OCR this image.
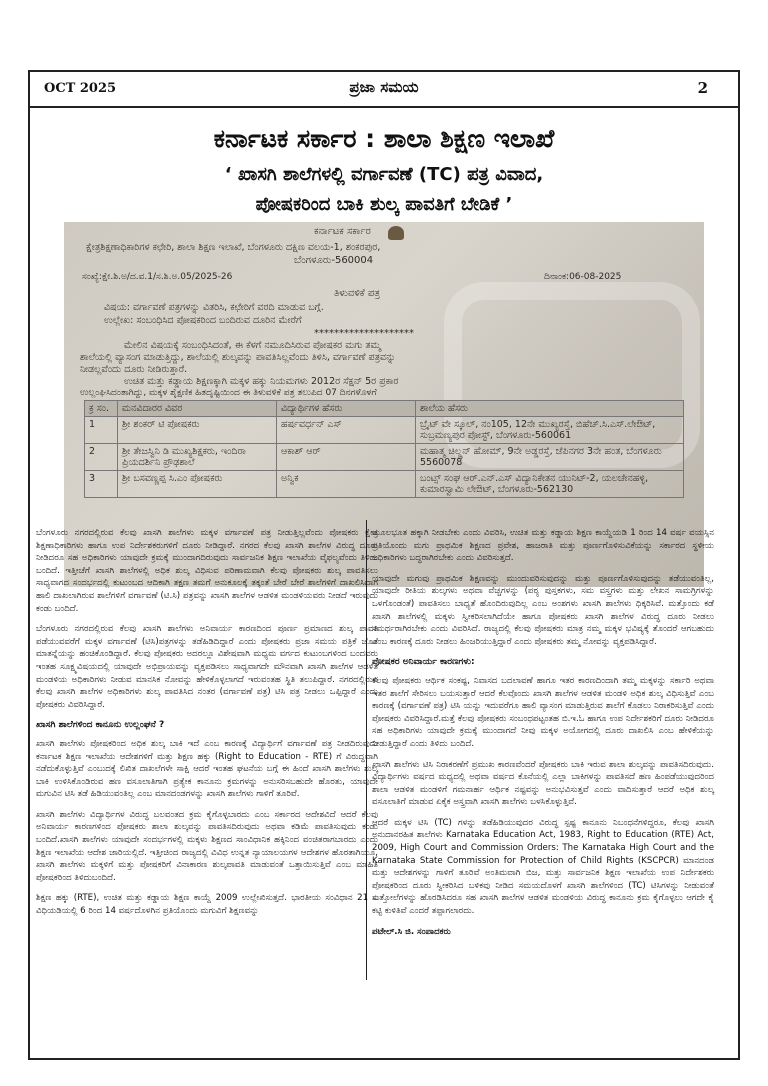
OCT 2025	ಪ್ರಜಾ ಸಮಯ	2
ಕರ್ನಾಟಕ ಸರ್ಕಾರ : ಶಾಲಾ ಶಿಕ್ಷಣ ಇಲಾಖೆ
‘ ಖಾಸಗಿ ಶಾಲೆಗಳಲ್ಲಿ ವರ್ಗಾವಣೆ (TC) ಪತ್ರ ವಿವಾದ,
ಪೋಷಕರಿಂದ ಬಾಕಿ ಶುಲ್ಕ ಪಾವತಿಗೆ ಬೇಡಿಕೆ ’
ಕರ್ನಾಟಕ ಸರ್ಕಾರ
ಕ್ಷೇತ್ರಶಿಕ್ಷಣಾಧಿಕಾರಿಗಳ ಕಛೇರಿ, ಶಾಲಾ ಶಿಕ್ಷಣ ಇಲಾಖೆ, ಬೆಂಗಳೂರು ದಕ್ಷಿಣ ವಲಯ-1, ಶಂಕರಪುರ,
ಬೆಂಗಳೂರು-560004
ಸಂಖ್ಯೆ:ಕ್ಷೇ.ಶಿ.ಅ/ದ.ವ.1/ಸ.ಶಿ.ಅ.05/2025-26	ದಿನಾಂಕ:06-08-2025
ತಿಳುವಳಿಕೆ ಪತ್ರ
ವಿಷಯ: ವರ್ಗಾವಣೆ ಪತ್ರಗಳನ್ನು ವಿತರಿಸಿ, ಕಛೇರಿಗೆ ವರದಿ ಮಾಡುವ ಬಗ್ಗೆ.
ಉಲ್ಲೇಖ: ಸಂಬಂಧಿಸಿದ ಪೋಷಕರಿಂದ ಬಂದಿರುವ ದೂರಿನ ಮೇರೆಗೆ
********************
ಮೇಲಿನ ವಿಷಯಕ್ಕೆ ಸಂಬಂಧಿಸಿದಂತೆ, ಈ ಕೆಳಗೆ ನಮೂದಿಸಿರುವ ಪೋಷಕರ ಮಗು ತಮ್ಮ
ಶಾಲೆಯಲ್ಲಿ ವ್ಯಾಸಂಗ ಮಾಡುತ್ತಿದ್ದು, ಶಾಲೆಯಲ್ಲಿ ಶುಲ್ಕವನ್ನು ಪಾವತಿಸಿಲ್ಲವೆಂದು ತಿಳಿಸಿ, ವರ್ಗಾವಣೆ ಪತ್ರವನ್ನು
ನೀಡಲ್ಲವೆಂದು ದೂರು ನೀಡಿರುತ್ತಾರೆ.
ಉಚಿತ ಮತ್ತು ಕಡ್ಡಾಯ ಶಿಕ್ಷಣಕ್ಕಾಗಿ ಮಕ್ಕಳ ಹಕ್ಕು ನಿಯಮಗಳು 2012ರ ಸೆಕ್ಷನ್ 5ರ ಪ್ರಕಾರ
ಉಲ್ಲಂಘಿಸಿದಂತಾಗಿದ್ದು, ಮಕ್ಕಳ ಶೈಕ್ಷಣಿಕ ಹಿತದೃಷ್ಟಿಯಿಂದ ಈ ತಿಳುವಳಿಕೆ ಪತ್ರ ತಲುಪಿದ 07 ದಿನಗಳೊಳಗೆ
ಕ್ರ ಸಂ.	ಮನವಿದಾರರ ವಿವರ	ವಿದ್ಯಾರ್ಥಿಗಳ ಹೆಸರು	ಶಾಲೆಯ ಹೆಸರು
1	ಶ್ರೀ ಶಂಕರ್ ಟಿ ಪೋಷಕರು	ಹರ್ಷವರ್ಧನ್ ಎಸ್	ಬ್ರೈಟ್ ವೇ ಸ್ಕೂಲ್, ನಂ105, 12ನೇ ಮುಖ್ಯರಸ್ತೆ, ಬಿಹೆಚ್.ಸಿ.ಎಸ್.ಲೇಔಟ್, ಸುಬ್ರಮಣ್ಯಪುರ ಪೋಸ್ಟ್, ಬೆಂಗಳೂರು-560061
2	ಶ್ರೀ ತೇಜಸ್ವಿನಿ ಡಿ ಮುಖ್ಯಶಿಕ್ಷಕರು, ಇಂದಿರಾ ಪ್ರಿಯದರ್ಶಿನಿ ಪ್ರೌಢಶಾಲೆ	ಆಕಾಶ್ ಆರ್	ಮಹಾತ್ಮ ಚಿಲ್ಡ್ರನ್ ಹೋಮ್, 9ನೇ ಅಡ್ಡರಸ್ತೆ, ಜೆಪಿನಗರ 3ನೇ ಹಂತ, ಬೆಂಗಳೂರು 5560078
3	ಶ್ರೀ ಬಸವಣ್ಣಪ್ಪ ಸಿ.ಎಂ ಪೋಷಕರು	ಅನ್ವಿಕ	ಬಂಟ್ಸ್ ಸಂಘ ಆರ್.ಎನ್.ಎಸ್ ವಿದ್ಯಾನಿಕೇತನ ಯುನಿಟ್-2, ಯಲಚೇನಹಳ್ಳಿ, ಕುಮಾರಸ್ವಾಮಿ ಲೇಔಟ್, ಬೆಂಗಳೂರು-562130

ಬೆಂಗಳೂರು ನಗರದಲ್ಲಿರುವ ಕೆಲವು ಖಾಸಗಿ ಶಾಲೆಗಳು ಮಕ್ಕಳ ವರ್ಗಾವಣೆ ಪತ್ರ ನೀಡುತ್ತಿಲ್ಲವೆಂದು ಪೋಷಕರು ಕ್ಷೇತ್ರ ಶಿಕ್ಷಣಾಧಿಕಾರಿಗಳು ಹಾಗೂ ಉಪ ನಿರ್ದೇಶಕರುಗಳಿಗೆ ದೂರು ನೀಡಿದ್ದಾರೆ. ನಗರದ ಕೆಲವು ಖಾಸಗಿ ಶಾಲೆಗಳ ವಿರುದ್ಧ ದೂರು ನೀಡಿದರೂ ಸಹ ಅಧಿಕಾರಿಗಳು ಯಾವುದೇ ಕ್ರಮಕ್ಕೆ ಮುಂದಾಗದಿರುವುದು ಸಾರ್ವಜನಿಕ ಶಿಕ್ಷಣ ಇಲಾಖೆಯ ವೈಫಲ್ಯವೆಂದು ತಿಳಿದು ಬಂದಿದೆ. ಇತ್ತೀಚೆಗೆ ಖಾಸಗಿ ಶಾಲೆಗಳಲ್ಲಿ ಅಧಿಕ ಶುಲ್ಕ ವಿಧಿಸುವ ಪರಿಣಾಮವಾಗಿ ಕೆಲವು ಪೋಷಕರು ಶುಲ್ಕ ಪಾವತಿಸಲು ಸಾಧ್ಯವಾಗದ ಸಂದರ್ಭದಲ್ಲಿ ಕುಟುಂಬದ ಆದಿಕಾಗಿ ತಕ್ಷಣ ತಮಗೆ ಅನುಕೂಲಕ್ಕೆ ತಕ್ಕಂತೆ ಬೇರೆ ಬೇರೆ ಶಾಲೆಗಳಿಗೆ ದಾಖಲಿಸಿದಾಗ ಹಾಲಿ ದಾಖಲಾಗಿರುವ ಶಾಲೆಗಳಿಗೆ ವರ್ಗಾವಣೆ (ಟಿ.ಸಿ) ಪತ್ರವನ್ನು ಖಾಸಗಿ ಶಾಲೆಗಳ ಆಡಳಿತ ಮಂಡಳಿಯವರು ನೀಡದೆ ಇರುವುದು ಕಂಡು ಬಂದಿದೆ.

ಬೆಂಗಳೂರು ನಗರದಲ್ಲಿರುವ ಕೆಲವು ಖಾಸಗಿ ಶಾಲೆಗಳು ಅನಿವಾರ್ಯ ಕಾರಣದಿಂದ ಪೂರ್ಣ ಪ್ರಮಾಣದ ಶುಲ್ಕ ಪಾವತಿ ಪಡೆಯುವವರೆಗೆ ಮಕ್ಕಳ ವರ್ಗಾವಣೆ (ಟಿಸಿ)ಪತ್ರಗಳನ್ನು ತಡೆಹಿಡಿದಿದ್ದಾರೆ ಎಂದು ಪೋಷಕರು ಪ್ರಜಾ ಸಮಯ ಪತ್ರಿಕೆ ಜೊತೆ ಮಾತನ್ನೆಯನ್ನು ಹಂಚಿಕೊಂಡಿದ್ದಾರೆ. ಕೆಲವು ಪೋಷಕರು ಅದರಲ್ಲೂ ವಿಶೇಷವಾಗಿ ಮಧ್ಯಮ ವರ್ಗದ ಕುಟುಂಬಗಳಿಂದ ಬಂದವರು ಇಂತಹ ಸೂಕ್ಷ್ಮವಿಷಯದಲ್ಲಿ ಯಾವುದೇ ಅಭಿಪ್ರಾಯವನ್ನು ವ್ಯಕ್ತಪಡಿಸಲು ಸಾಧ್ಯವಾಗದೇ ಮೌನವಾಗಿ ಖಾಸಗಿ ಶಾಲೆಗಳ ಆಡಳಿತ ಮಂಡಳಿಯ ಅಧಿಕಾರಿಗಳು ನೀಡುವ ಮಾನಸಿಕ ನೋವನ್ನು ಹೇಳಿಕೊಳ್ಳಲಾಗದೆ ಇರುವಂತಹ ಸ್ಥಿತಿ ತಲುಪಿದ್ದಾರೆ. ನಗರದಲ್ಲಿರುವ ಕೆಲವು ಖಾಸಗಿ ಶಾಲೆಗಳ ಅಧಿಕಾರಿಗಳು ಶುಲ್ಕ ಪಾವತಿಸಿದ ನಂತರ (ವರ್ಗಾವಣೆ ಪತ್ರ) ಟಿಸಿ ಪತ್ರ ನೀಡಲು ಒಪ್ಪಿದ್ದಾರೆ ಎಂದು ಪೋಷಕರು ವಿವರಿಸಿದ್ದಾರೆ.

ಖಾಸಗಿ ಶಾಲೆಗಳಿಂದ ಕಾನೂನು ಉಲ್ಲಂಘನೆ ?

ಖಾಸಗಿ ಶಾಲೆಗಳು ಪೋಷಕರಿಂದ ಅಧಿಕ ಶುಲ್ಕ ಬಾಕಿ ಇದೆ ಎಂಬ ಕಾರಣಕ್ಕೆ ವಿದ್ಯಾರ್ಥಿಗೆ ವರ್ಗಾವಣೆ ಪತ್ರ ನೀಡದಿರುವುದು ಕರ್ನಾಟಕ ಶಿಕ್ಷಣ ಇಲಾಖೆಯ ಆದೇಶಗಳಿಗೆ ಮತ್ತು ಶಿಕ್ಷಣ ಹಕ್ಕು (Right to Education - RTE) ಗೆ ವಿರುದ್ಧವಾಗಿ ನಡೆದುಕೊಳ್ಳುತ್ತಿವೆ ಎಂಬುದಕ್ಕೆ ಲಿಖಿತ ದಾಖಲೆಗಳೇ ಸಾಕ್ಷಿ ಆದರೆ ಇಂತಹ ಘಟನೆಯ ಬಗ್ಗೆ ಈ ಹಿಂದೆ ಖಾಸಗಿ ಶಾಲೆಗಳು ಶುಲ್ಕ ಬಾಕಿ ಉಳಿಸಿಕೊಂಡಿರುವ ಹಣ ವಸೂಲಾತಿಗಾಗಿ ಪ್ರತ್ಯೇಕ ಕಾನೂನು ಕ್ರಮಗಳನ್ನು ಅನುಸರಿಸಬಹುದೇ ಹೊರತು, ಯಾವುದೇ ಮಗುವಿನ ಟಿಸಿ ತಡೆ ಹಿಡಿಯುವಂತಿಲ್ಲ ಎಂಬ ಮಾನದಂಡಗಳನ್ನು ಖಾಸಗಿ ಶಾಲೆಗಳು ಗಾಳಿಗೆ ತೂರಿವೆ.

ಖಾಸಗಿ ಶಾಲೆಗಳು ವಿದ್ಯಾರ್ಥಿಗಳ ವಿರುದ್ಧ ಬಲವಂತದ ಕ್ರಮ ಕೈಗೊಳ್ಳಬಾರದು ಎಂಬ ಸರ್ಕಾರದ ಆದೇಶವಿದೆ ಆದರೆ ಕೆಲವು ಅನಿವಾರ್ಯ ಕಾರಣಗಳಿಂದ ಪೋಷಕರು ಶಾಲಾ ಶುಲ್ಕವನ್ನು ಪಾವತಿಸದಿರುವುದು ಅಥವಾ ಕಡಿಮೆ ಪಾವತಿಸುವುದು ಕಂಡು ಬಂದಿದೆ.ಖಾಸಗಿ ಶಾಲೆಗಳು ಯಾವುದೇ ಸಂದರ್ಭಗಳಲ್ಲಿ ಮಕ್ಕಳು ಶಿಕ್ಷಣದ ಸಾಂವಿಧಾನಿಕ ಹಕ್ಕಿನಿಂದ ವಂಚಿತರಾಗಬಾರದು ಎಂದು ಶಿಕ್ಷಣ ಇಲಾಖೆಯ ಆದೇಶ ಜಾರಿಯಲ್ಲಿದೆ. ಇತ್ತೀಚಿಂದ ರಾಜ್ಯದಲ್ಲಿ ವಿವಿಧ ಉನ್ನತ ನ್ಯಾಯಾಲಯಗಳ ಆದೇಶಗಳ ಹೊರತಾಗಿಯೂ, ಖಾಸಗಿ ಶಾಲೆಗಳು ಮಕ್ಕಳಿಗೆ ಮತ್ತು ಪೋಷಕರಿಗೆ ವಿನಾಕಾರಣ ಶುಲ್ಕಪಾವತಿ ಮಾಡುವಂತೆ ಒತ್ತಾಯಿಸುತ್ತಿವೆ ಎಂಬ ಮಾಹಿತಿ ಪೋಷಕರಿಂದ ತಿಳಿದುಬಂದಿದೆ.

ಶಿಕ್ಷಣ ಹಕ್ಕು (RTE), ಉಚಿತ ಮತ್ತು ಕಡ್ಡಾಯ ಶಿಕ್ಷಣ ಕಾಯ್ದೆ 2009 ಉಲ್ಲೇಖಿಸುತ್ತದೆ. ಭಾರತೀಯ ಸಂವಿಧಾನ 21 ಎ ವಿಧಿಯಡಿಯಲ್ಲಿ 6 ರಿಂದ 14 ವರ್ಷದೊಳಗಿನ ಪ್ರತಿಯೊಂದು ಮಗುವಿಗೆ ಶಿಕ್ಷಣವನ್ನು

ಮೂಲಭೂತ ಹಕ್ಕಾಗಿ ನೀಡಬೇಕು ಎಂದು ವಿವರಿಸಿ, ಉಚಿತ ಮತ್ತು ಕಡ್ಡಾಯ ಶಿಕ್ಷಣ ಕಾಯ್ದೆಯಡಿ 1 ರಿಂದ 14 ವರ್ಷ ವಯಸ್ಸಿನ ಪ್ರತಿಯೊಂದು ಮಗು ಪ್ರಾಥಮಿಕ ಶಿಕ್ಷಣದ ಪ್ರವೇಶ, ಹಾಜರಾತಿ ಮತ್ತು ಪೂರ್ಣಗೊಳಿಸುವಿಕೆಯನ್ನು ಸರ್ಕಾರದ ಸ್ಥಳೀಯ ಅಧಿಕಾರಿಗಳು ಬದ್ಧರಾಗಿರಬೇಕು ಎಂದು ವಿವರಿಸುತ್ತದೆ.

ಯಾವುದೇ ಮಗುವು ಪ್ರಾಥಮಿಕ ಶಿಕ್ಷಣವನ್ನು ಮುಂದುವರಿಸುವುದನ್ನು ಮತ್ತು ಪೂರ್ಣಗೊಳಿಸುವುದನ್ನು ತಡೆಯುವಂತಿಲ್ಲ, ಯಾವುದೇ ರೀತಿಯ ಶುಲ್ಕಗಳು ಅಥವಾ ವೆಚ್ಚಗಳನ್ನು (ಪಠ್ಯ ಪುಸ್ತಕಗಳು, ಸಮ ವಸ್ತ್ರಗಳು ಮತ್ತು ಲೇಖನ ಸಾಮಗ್ರಿಗಳನ್ನು ಒಳಗೊಂಡಂತೆ) ಪಾವತಿಸಲು ಬಾಧ್ಯತೆ ಹೊಂದಿರುವುದಿಲ್ಲ ಎಂಬ ಅಂಶಗಳು ಖಾಸಗಿ ಶಾಲೆಗಳು ಧಿಕ್ಕರಿಸಿವೆ. ಮತ್ತೊಂದು ಕಡೆ ಖಾಸಗಿ ಶಾಲೆಗಳಲ್ಲಿ ಮಕ್ಕಳು ಸ್ವೀಕರಿಸಲಾಗಿದೆಯೇ ಹಾಗೂ ಪೋಷಕರು ಖಾಸಗಿ ಶಾಲೆಗಳ ವಿರುದ್ಧ ದೂರು ನೀಡಲು ಸಮರ್ಥರಾಗಿರಬೇಕು ಎಂದು ವಿವರಿಸಿದೆ. ರಾಜ್ಯದಲ್ಲಿ ಕೆಲವು ಪೋಷಕರು ಮಾತ್ರ ನಮ್ಮ ಮಕ್ಕಳ ಭವಿಷ್ಯಕ್ಕೆ ತೊಂದರೆ ಆಗಬಹುದು ಎಂಬ ಕಾರಣಕ್ಕೆ ದೂರು ನೀಡಲು ಹಿಂಜರಿಯುತ್ತಿದ್ದಾರೆ ಎಂದು ಪೋಷಕರು ತಮ್ಮ ನೋವನ್ನು ವ್ಯಕ್ತಪಡಿಸಿದ್ದಾರೆ.

ಪೋಷಕರ ಅನಿವಾರ್ಯ ಕಾರಣಗಳು:

ಕೆಲವು ಪೋಷಕರು ಆರ್ಥಿಕ ಸಂಕಷ್ಟ, ನಿವಾಸದ ಬದಲಾವಣೆ ಹಾಗೂ ಇತರ ಕಾರಣದಿಂದಾಗಿ ತಮ್ಮ ಮಕ್ಕಳನ್ನು ಸರ್ಕಾರಿ ಅಥವಾ ಇತರ ಶಾಲೆಗೆ ಸೇರಿಸಲು ಬಯಸುತ್ತಾರೆ ಆದರೆ ಕೆಲವೊಂದು ಖಾಸಗಿ ಶಾಲೆಗಳ ಆಡಳಿತ ಮಂಡಳಿ ಅಧಿಕ ಶುಲ್ಕ ವಿಧಿಸುತ್ತಿವೆ ಎಂಬ ಕಾರಣಕ್ಕೆ (ವರ್ಗಾವಣೆ ಪತ್ರ) ಟಿಸಿ ಯನ್ನು ಇದುವರೆಗೂ ಹಾಲಿ ವ್ಯಾಸಂಗ ಮಾಡುತ್ತಿರುವ ಶಾಲೆಗೆ ಕೊಡಲು ನಿರಾಕರಿಸುತ್ತಿವೆ ಎಂದು ಪೋಷಕರು ವಿವರಿಸಿದ್ದಾರೆ.ಮತ್ತೆ ಕೆಲವು ಪೋಷಕರು ಸಂಬಂಧಪಟ್ಟಂತಹ ಬಿ.ಇ.ಓ ಹಾಗೂ ಉಪ ನಿರ್ದೇಶಕರಿಗೆ ದೂರು ನೀಡಿದರೂ ಸಹ ಅಧಿಕಾರಿಗಳು ಯಾವುದೇ ಕ್ರಮಕ್ಕೆ ಮುಂದಾಗದೆ ನೀವು ಮಕ್ಕಳ ಅಯೋಗದಲ್ಲಿ ದೂರು ದಾಖಲಿಸಿ ಎಂಬ ಹೇಳಿಕೆಯನ್ನು ನೀಡುತ್ತಿದ್ದಾರೆ ಎಂದು ತಿಳಿದು ಬಂದಿದೆ.

ಖಾಸಗಿ ಶಾಲೆಗಳು ಟಿಸಿ ನಿರಾಕರಣೆಗೆ ಪ್ರಮುಖ ಕಾರಣವೆಂದರೆ ಪೋಷಕರು ಬಾಕಿ ಇರುವ ಶಾಲಾ ಶುಲ್ಕವನ್ನು ಪಾವತಿಸದಿರುವುದು. ವಿದ್ಯಾರ್ಥಿಗಳು ವರ್ಷದ ಮಧ್ಯದಲ್ಲಿ ಅಥವಾ ವರ್ಷದ ಕೊನೆಯಲ್ಲಿ ಎಲ್ಲಾ ಬಾಕಿಗಳನ್ನು ಪಾವತಿಸದೆ ಹಣ ಹಿಂಪಡೆಯುವುದರಿಂದ ಶಾಲಾ ಆಡಳಿತ ಮಂಡಳಿಗೆ ಗಮನಾರ್ಹ ಆರ್ಥಿಕ ನಷ್ಟವನ್ನು ಅನುಭವಿಸುತ್ತವೆ ಎಂದು ವಾದಿಸುತ್ತಾರೆ ಆದರೆ ಅಧಿಕ ಶುಲ್ಕ ವಸೂಲಾತಿಗೆ ಮಾಡುವ ಏಕೈಕ ಅಸ್ತ್ರವಾಗಿ ಖಾಸಗಿ ಶಾಲೆಗಳು ಬಳಸಿಕೊಳ್ಳುತ್ತಿವೆ.

ಆದರೆ ಮಕ್ಕಳ ಟಿಸಿ (TC) ಗಳನ್ನು ತಡೆಹಿಡಿಯುವುದರ ವಿರುದ್ಧ ಸ್ಪಷ್ಟ ಕಾನೂನು ನಿಬಂಧನೆಗಳಿದ್ದರೂ, ಕೆಲವು ಖಾಸಗಿ ಅನುದಾನರಹಿತ ಶಾಲೆಗಳು Karnataka Education Act, 1983, Right to Education (RTE) Act, 2009, High Court and Commission Orders: The Karnataka High Court and the Karnataka State Commission for Protection of Child Rights (KSCPCR) ಮಾನದಂಡ ಮತ್ತು ಆದೇಶಗಳನ್ನು ಗಾಳಿಗೆ ತೂರಿವೆ ಅಂತಿಮವಾಗಿ ಬಿಜ, ಮತ್ತು ಸಾರ್ವಜನಿಕ ಶಿಕ್ಷಣ ಇಲಾಖೆಯ ಉಪ ನಿರ್ದೇಶಕರು ಪೋಷಕರಿಂದ ದೂರು ಸ್ವೀಕರಿಸಿದ ಬಳಿಕವು ನೀಡಿದ ಸಮಯದೊಳಗೆ ಖಾಸಗಿ ಶಾಲೆಗಳಿಂದ (TC) ಟಿಸಿಗಳನ್ನು ನೀಡುವಂತೆ ಸುತ್ತೋಲೆಗಳನ್ನು ಹೊರಡಿಸಿದರೂ ಸಹ ಖಾಸಗಿ ಶಾಲೆಗಳ ಆಡಳಿತ ಮಂಡಳಿಯ ವಿರುದ್ಧ ಕಾನೂನು ಕ್ರಮ ಕೈಗೊಳ್ಳಲು ಆಗದೇ ಕೈ ಕಟ್ಟಿ ಕುಳಿತಿವೆ ಎಂದರೆ ತಪ್ಪಾಗಲಾರದು.

ಪಟೇಲ್.ಸಿ ಜಿ. ಸಂಪಾದಕರು
